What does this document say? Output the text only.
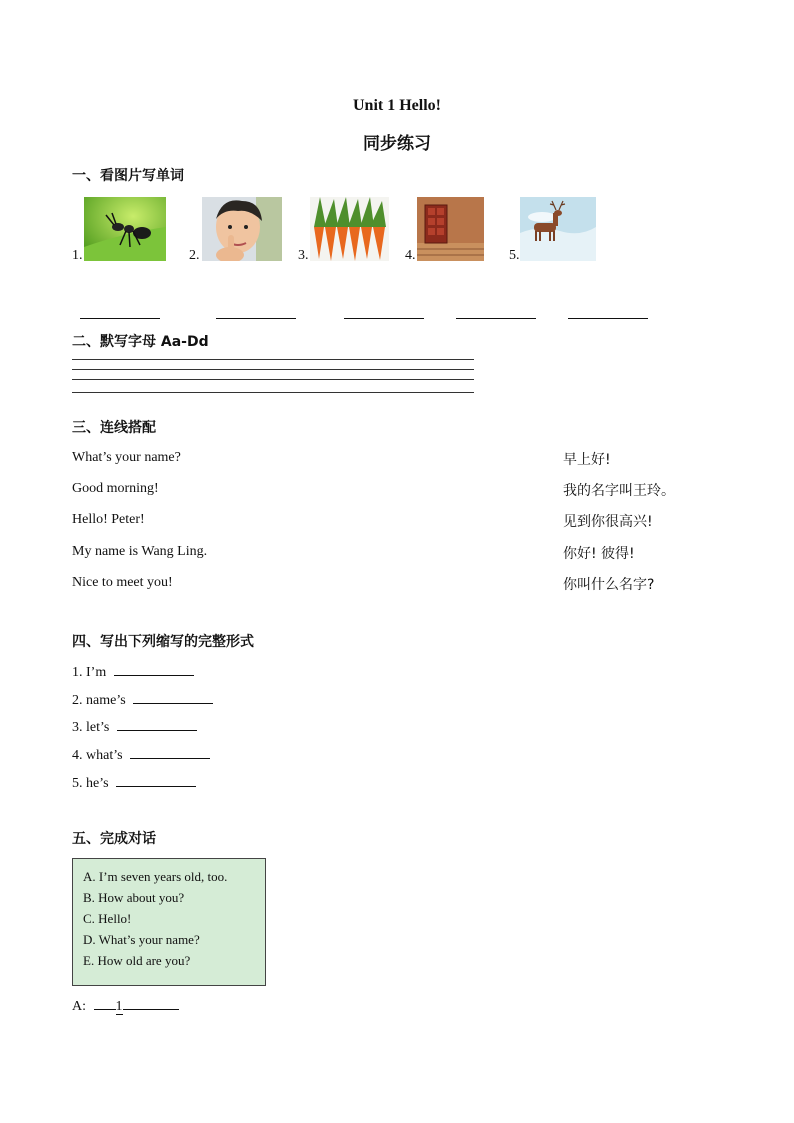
Unit 1 Hello!
同步练习
一、看图片写单词
1.	2.	3.	4.	5.
二、默写字母 Aa-Dd
三、连线搭配
What’s your name?
Good morning!
Hello! Peter!
My name is Wang Ling.
Nice to meet you!
早上好!
我的名字叫王玲。
见到你很高兴!
你好! 彼得!
你叫什么名字?
四、写出下列缩写的完整形式
1. I’m
2. name’s
3. let’s
4. what’s
5. he’s
五、完成对话
A. I’m seven years old, too.
B. How about you?
C. Hello!
D. What’s your name?
E. How old are you?
A: 1
